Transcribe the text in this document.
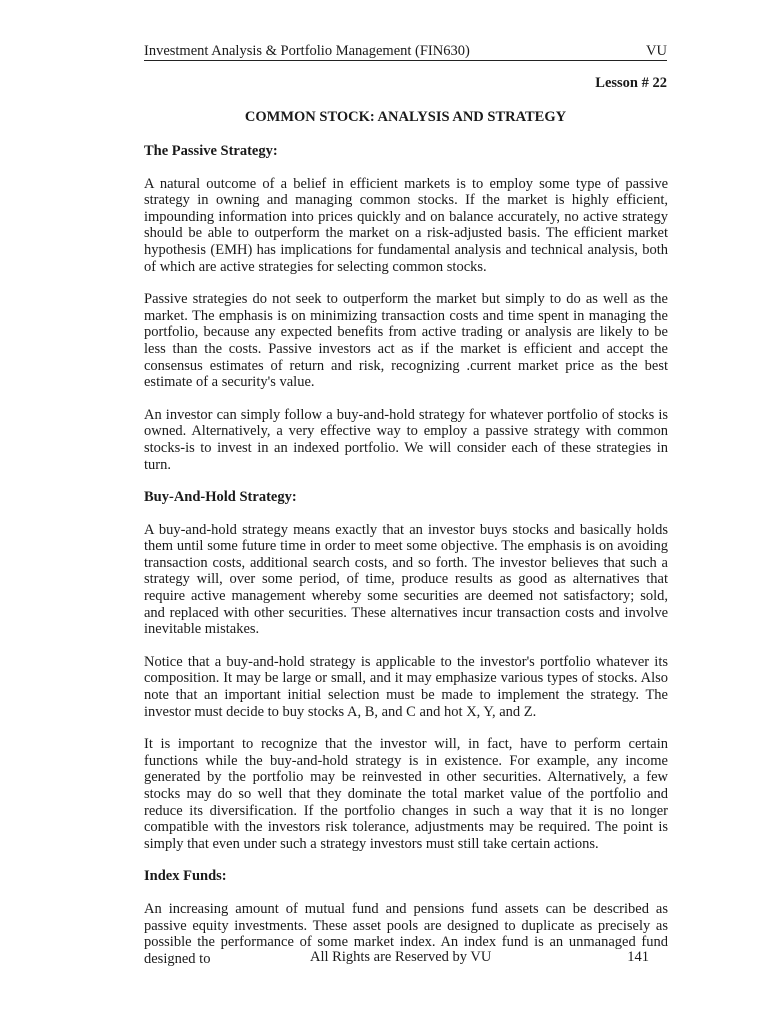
Investment Analysis & Portfolio Management (FIN630)	VU
Lesson # 22
COMMON STOCK: ANALYSIS AND STRATEGY
The Passive Strategy:

A natural outcome of a belief in efficient markets is to employ some type of passive strategy in owning and managing common stocks. If the market is highly efficient, impounding information into prices quickly and on balance accurately, no active strategy should be able to outperform the market on a risk-adjusted basis. The efficient market hypothesis (EMH) has implications for fundamental analysis and technical analysis, both of which are active strategies for selecting common stocks.

Passive strategies do not seek to outperform the market but simply to do as well as the market. The emphasis is on minimizing transaction costs and time spent in managing the portfolio, because any expected benefits from active trading or analysis are likely to be less than the costs. Passive investors act as if the market is efficient and accept the consensus estimates of return and risk, recognizing .current market price as the best estimate of a security's value.

An investor can simply follow a buy-and-hold strategy for whatever portfolio of stocks is owned. Alternatively, a very effective way to employ a passive strategy with common stocks-is to invest in an indexed portfolio. We will consider each of these strategies in turn.

Buy-And-Hold Strategy:

A buy-and-hold strategy means exactly that an investor buys stocks and basically holds them until some future time in order to meet some objective. The emphasis is on avoiding transaction costs, additional search costs, and so forth. The investor believes that such a strategy will, over some period, of time, produce results as good as alternatives that require active management whereby some securities are deemed not satisfactory; sold, and replaced with other securities. These alternatives incur transaction costs and involve inevitable mistakes.

Notice that a buy-and-hold strategy is applicable to the investor's portfolio whatever its composition. It may be large or small, and it may emphasize various types of stocks. Also note that an important initial selection must be made to implement the strategy. The investor must decide to buy stocks A, B, and C and hot X, Y, and Z.

It is important to recognize that the investor will, in fact, have to perform certain functions while the buy-and-hold strategy is in existence. For example, any income generated by the portfolio may be reinvested in other securities. Alternatively, a few stocks may do so well that they dominate the total market value of the portfolio and reduce its diversification. If the portfolio changes in such a way that it is no longer compatible with the investors risk tolerance, adjustments may be required. The point is simply that even under such a strategy investors must still take certain actions.

Index Funds:

An increasing amount of mutual fund and pensions fund assets can be described as passive equity investments. These asset pools are designed to duplicate as precisely as possible the performance of some market index. An index fund is an unmanaged fund designed to	All Rights are Reserved by VU	141
